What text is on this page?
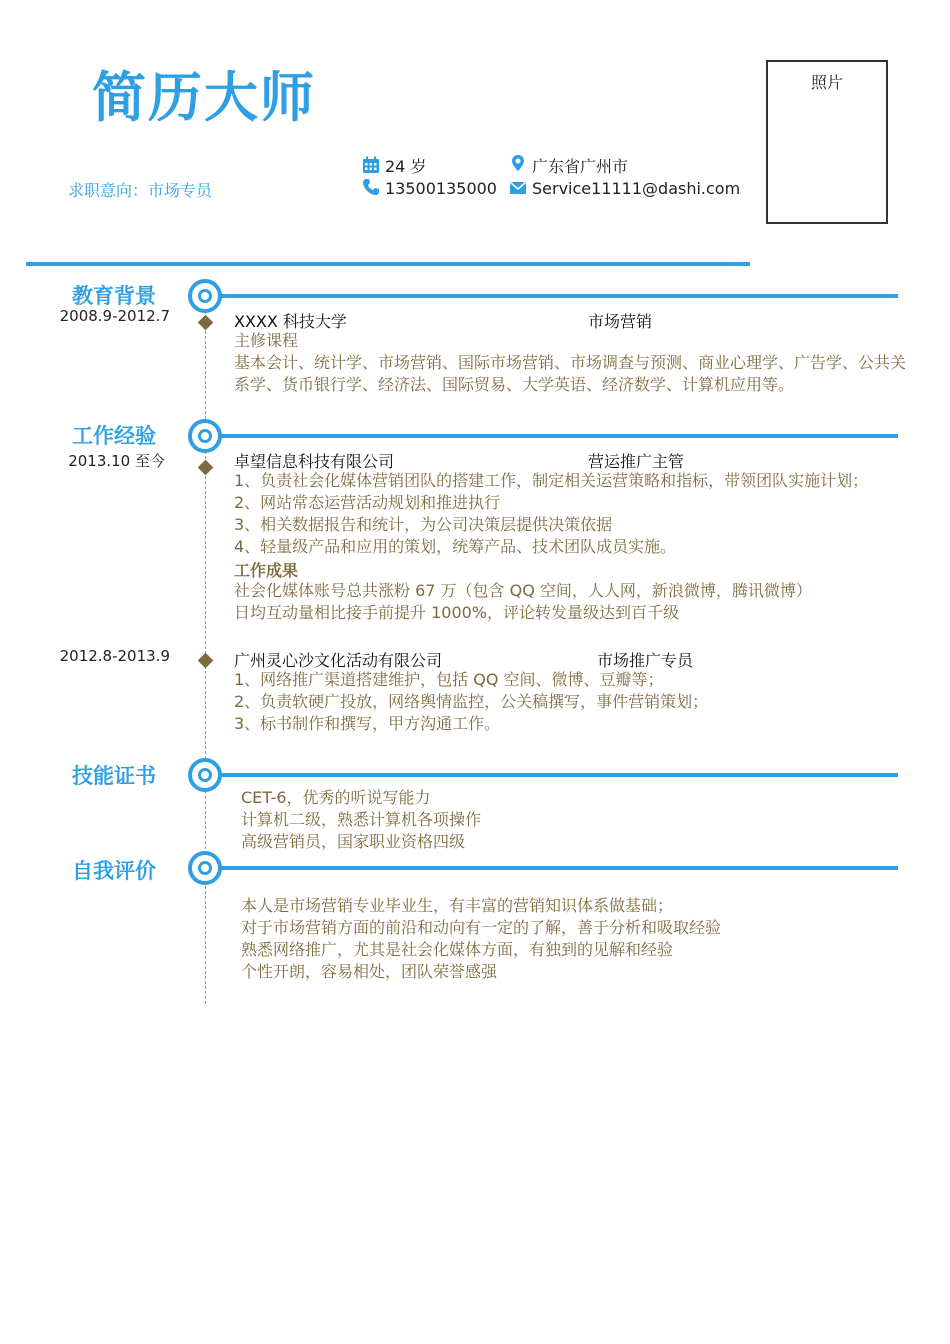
简历大师
求职意向：市场专员
24 岁	广东省广州市
13500135000 Service11111@dashi.com
照片
教育背景
2008.9-2012.7	XXXX 科技大学	市场营销
主修课程
基本会计、统计学、市场营销、国际市场营销、市场调查与预测、商业心理学、广告学、公共关
系学、货币银行学、经济法、国际贸易、大学英语、经济数学、计算机应用等。
工作经验
2013.10 至今	卓望信息科技有限公司	营运推广主管
1、负责社会化媒体营销团队的搭建工作，制定相关运营策略和指标，带领团队实施计划；
2、网站常态运营活动规划和推进执行
3、相关数据报告和统计，为公司决策层提供决策依据
4、轻量级产品和应用的策划，统筹产品、技术团队成员实施。
工作成果
社会化媒体账号总共涨粉 67 万（包含 QQ 空间，人人网，新浪微博，腾讯微博）
日均互动量相比接手前提升 1000%，评论转发量级达到百千级
2012.8-2013.9	广州灵心沙文化活动有限公司	市场推广专员
1、网络推广渠道搭建维护，包括 QQ 空间、微博、豆瓣等；
2、负责软硬广投放，网络舆情监控，公关稿撰写，事件营销策划；
3、标书制作和撰写，甲方沟通工作。
技能证书
CET-6，优秀的听说写能力
计算机二级，熟悉计算机各项操作
高级营销员，国家职业资格四级
自我评价
本人是市场营销专业毕业生，有丰富的营销知识体系做基础；
对于市场营销方面的前沿和动向有一定的了解，善于分析和吸取经验
熟悉网络推广，尤其是社会化媒体方面，有独到的见解和经验
个性开朗，容易相处，团队荣誉感强
